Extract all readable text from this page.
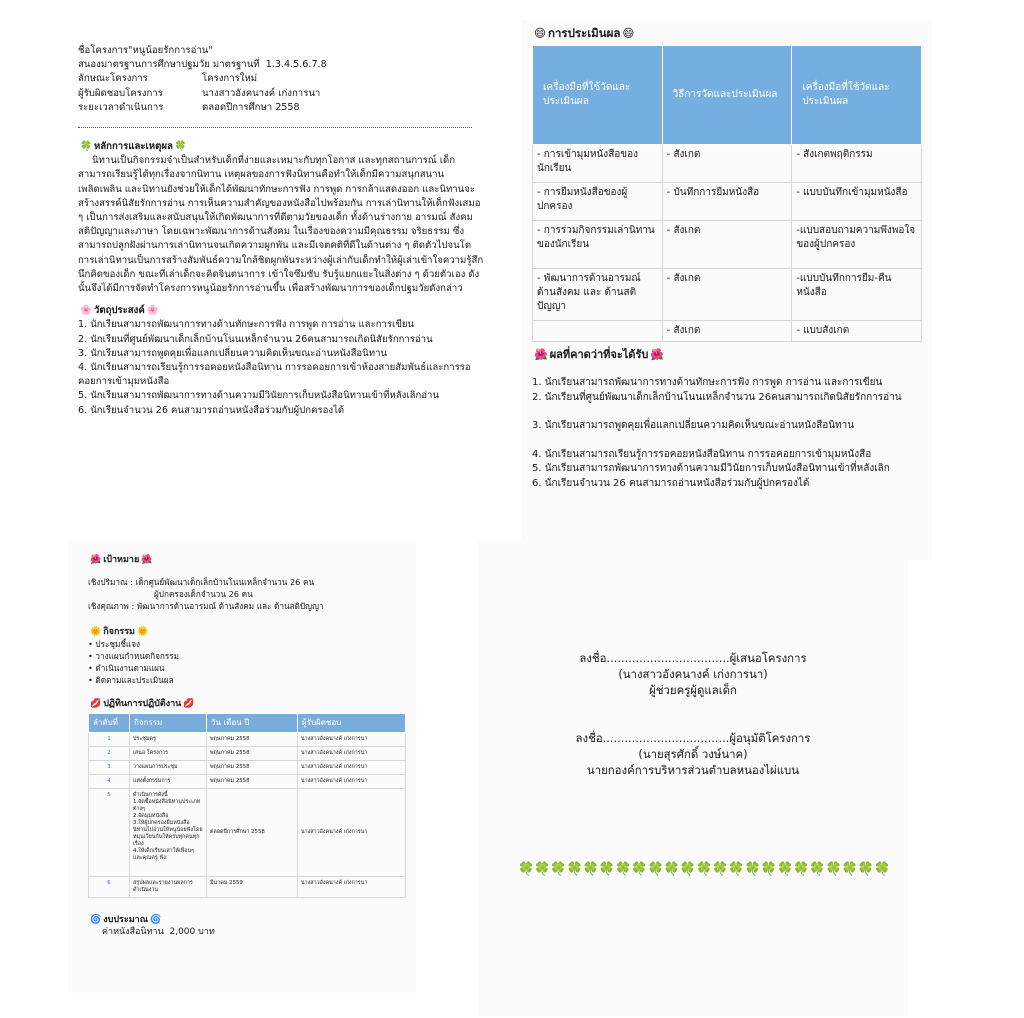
ชื่อโครงการ"หนูน้อยรักการอ่าน"
สนองมาตรฐานการศึกษาปฐมวัย มาตรฐานที่
1.3.4.5.6.7.8
ลักษณะโครงการ	โครงการใหม่
ผู้รับผิดชอบโครงการ	นางสาวอังคนางค์ เก่งการนา
ระยะเวลาดำเนินการ	ตลอดปีการศึกษา 2558
🍀 หลักการและเหตุผล 🍀
นิทานเป็นกิจกรรมจำเป็นสำหรับเด็กที่ง่ายและเหมาะกับทุกโอกาส และทุกสถานการณ์ เด็กสามารถเรียนรู้ได้ทุกเรื่องจากนิทาน เหตุผลของการฟังนิทานคือทำให้เด็กมีความสนุกสนาน เพลิดเพลิน และนิทานยังช่วยให้เด็กได้พัฒนาทักษะการฟัง การพูด การกล้าแสดงออก และนิทานจะสร้างสรรค์นิสัยรักการอ่าน การเห็นความสำคัญของหนังสือไปพร้อมกัน การเล่านิทานให้เด็กฟังเสมอ ๆ เป็นการส่งเสริมและสนับสนุนให้เกิดพัฒนาการที่ดีตามวัยของเด็ก ทั้งด้านร่างกาย อารมณ์ สังคม สติปัญญาและภาษา โดยเฉพาะพัฒนาการด้านสังคม ในเรื่องของความมีคุณธรรม จริยธรรม ซึ่งสามารถปลูกฝังผ่านการเล่านิทานจนเกิดความผูกพัน และมีเจตคติที่ดีในด้านต่าง ๆ ติดตัวไปจนโต การเล่านิทานเป็นการสร้างสัมพันธ์ความใกล้ชิดผูกพันระหว่างผู้เล่ากับเด็กทำให้ผู้เล่าเข้าใจความรู้สึกนึกคิดของเด็ก ขณะที่เล่าเด็กจะคิดจินตนาการ เข้าใจซึมซับ รับรู้แยกแยะในสิ่งต่าง ๆ ด้วยตัวเอง ดังนั้นจึงได้มีการจัดทำโครงการหนูน้อยรักการอ่านขึ้น เพื่อสร้างพัฒนาการของเด็กปฐมวัยดังกล่าว
🌸 วัตถุประสงค์ 🌸
1. นักเรียนสามารถพัฒนาการทางด้านทักษะการฟัง การพูด การอ่าน และการเขียน
2. นักเรียนที่ศูนย์พัฒนาเด็กเล็กบ้านโนนเหล็กจำนวน 26คนสามารถเกิดนิสัยรักการอ่าน
3. นักเรียนสามารถพูดคุยเพื่อแลกเปลี่ยนความคิดเห็นขณะอ่านหนังสือนิทาน
4. นักเรียนสามารถเรียนรู้การรอคอยหนังสือนิทาน การรอคอยการเข้าห้องสายสัมพันธ์และการรอคอยการเข้ามุมหนังสือ
5. นักเรียนสามารถพัฒนาการทางด้านความมีวินัยการเก็บหนังสือนิทานเข้าที่หลังเลิกอ่าน
6. นักเรียนจำนวน 26 คนสามารถอ่านหนังสือร่วมกับผู้ปกครองได้
😄 การประเมินผล 😄
เครื่องมือที่ใช้วัดและประเมินผล	วิธีการวัดและประเมินผล	เครื่องมือที่ใช้วัดและประเมินผล
- การเข้ามุมหนังสือของนักเรียน	- สังเกต	- สังเกตพฤติกรรม
- การยืมหนังสือของผู้ปกครอง	- บันทึกการยืมหนังสือ	- แบบบันทึกเข้ามุมหนังสือ
- การร่วมกิจกรรมเล่านิทานของนักเรียน	- สังเกต	-แบบสอบถามความพึงพอใจของผู้ปกครอง
- พัฒนาการด้านอารมณ์ ด้านสังคม และ ด้านสติปัญญา	- สังเกต	-แบบบันทึกการยืม-คืนหนังสือ
	- สังเกต	- แบบสังเกต
🌺 ผลที่คาดว่าที่จะได้รับ 🌺
1. นักเรียนสามารถพัฒนาการทางด้านทักษะการฟัง การพูด การอ่าน และการเขียน
2. นักเรียนที่ศูนย์พัฒนาเด็กเล็กบ้านโนนเหล็กจำนวน 26คนสามารถเกิดนิสัยรักการอ่าน
3. นักเรียนสามารถพูดคุยเพื่อแลกเปลี่ยนความคิดเห็นขณะอ่านหนังสือนิทาน
4. นักเรียนสามารถเรียนรู้การรอคอยหนังสือนิทาน การรอคอยการเข้ามุมหนังสือ
5. นักเรียนสามารถพัฒนาการทางด้านความมีวินัยการเก็บหนังสือนิทานเข้าที่หลังเลิก
6. นักเรียนจำนวน 26 คนสามารถอ่านหนังสือร่วมกับผู้ปกครองได้
🌺 เป้าหมาย 🌺
เชิงปริมาณ : เด็กศูนย์พัฒนาเด็กเล็กบ้านโนนเหล็กจำนวน 26 คน
ผู้ปกครองเด็กจำนวน 26 คน
เชิงคุณภาพ : พัฒนาการด้านอารมณ์ ด้านสังคม และ ด้านสติปัญญา
🌞 กิจกรรม 🌞
• ประชุมชี้แจง
• วางแผนกำหนดกิจกรรม
• ดำเนินงานตามแผน
• ติดตามและประเมินผล
💋 ปฏิทินการปฏิบัติงาน 💋
ลำดับที่	กิจกรรม	วัน เดือน ปี	ผู้รับผิดชอบ
1	ประชุมครู	พฤษภาคม 2558	นางสาวอังคนางค์ เก่งการนา
2	เสนอ โครงการ	พฤษภาคม 2558	นางสาวอังคนางค์ เก่งการนา
3	วางแผนการประชุม	พฤษภาคม 2558	นางสาวอังคนางค์ เก่งการนา
4	แต่งตั้งกรรมการ	พฤษภาคม 2558	นางสาวอังคนางค์ เก่งการนา
5	ดำเนินการดังนี้
1.จัดซื้อหนังสือนิทานประเภทต่างๆ
2.จัดมุมหนังสือ
3.ให้ผู้ปกครองยืมหนังสือนิทานไปอ่านให้หนูน้อยฟังโดยหมุนเวียนกันให้ครบทุกคนทุกเรื่อง
4.ให้เด็กเรียนเล่าให้เพื่อนๆและคุณครู ฟัง	ตลอดปีการศึกษา 2558	นางสาวอังคนางค์ เก่งการนา
6	สรุปผลและรายงานผลการดำเนินงาน	มีนาคม 2559	นางสาวอังคนางค์ เก่งการนา
🌀 งบประมาณ 🌀
ค่าหนังสือนิทาน 2,000 บาท
ลงชื่อ..................................ผู้เสนอโครงการ
(นางสาวอังคนางค์ เก่งการนา)
ผู้ช่วยครูผู้ดูแลเด็ก
ลงชื่อ...................................ผู้อนุมัติโครงการ
(นายสุรศักดิ์ วงษ์นาค)
นายกองค์การบริหารส่วนตำบลหนองไผ่แบน
🍀🍀🍀🍀🍀🍀🍀🍀🍀🍀🍀🍀🍀🍀🍀🍀🍀🍀🍀🍀🍀🍀🍀
